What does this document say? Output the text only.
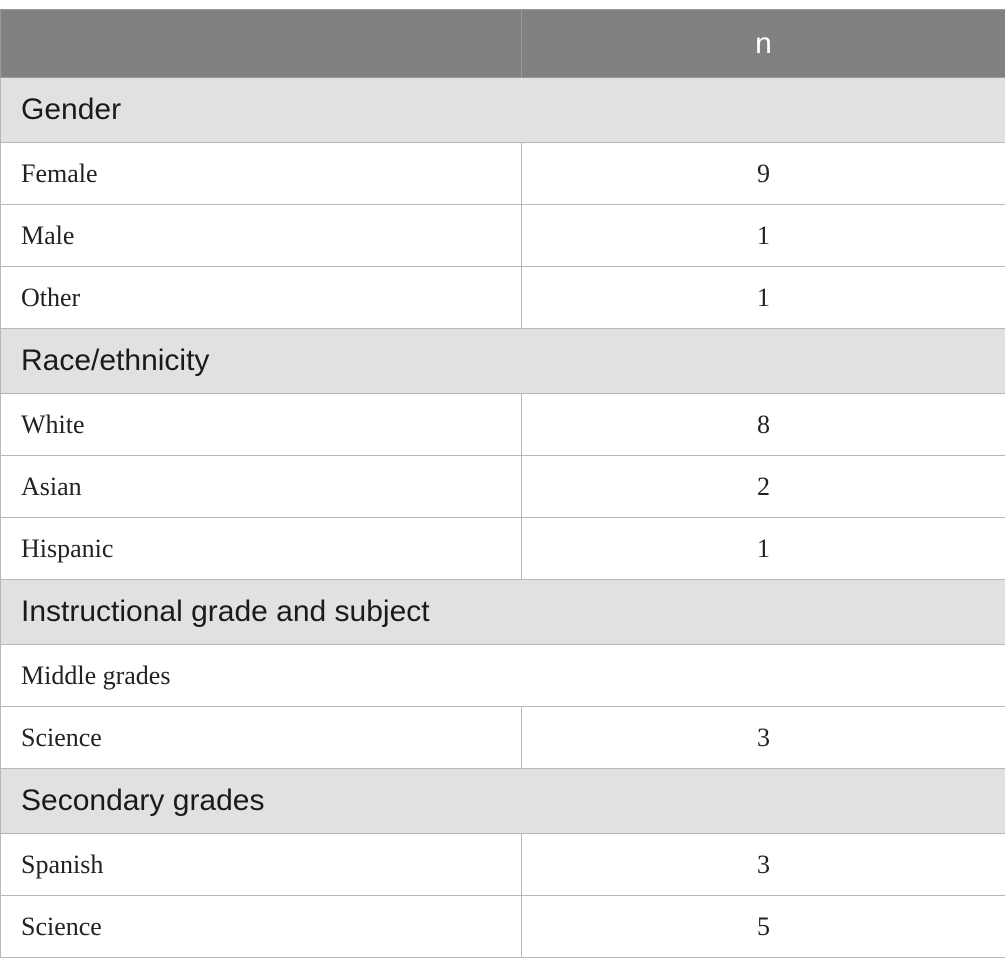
	n
Gender	
Female	9
Male	1
Other	1
Race/ethnicity	
White	8
Asian	2
Hispanic	1
Instructional grade and subject	
Middle grades	
Science	3
Secondary grades	
Spanish	3
Science	5
